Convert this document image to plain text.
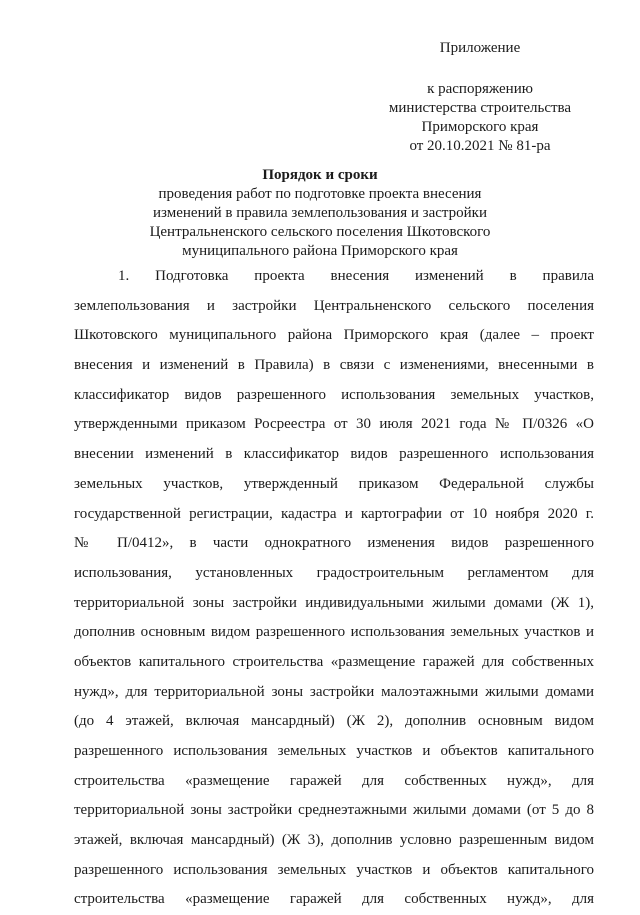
Приложение
к распоряжению
министерства строительства
Приморского края
от 20.10.2021 № 81-ра
Порядок и сроки
проведения работ по подготовке проекта внесения
изменений в правила землепользования и застройки
Центральненского сельского поселения Шкотовского
муниципального района Приморского края
1. Подготовка проекта внесения изменений в правила
землепользования и застройки Центральненского сельского поселения
Шкотовского муниципального района Приморского края (далее – проект
внесения и изменений в Правила) в связи с изменениями, внесенными в
классификатор видов разрешенного использования земельных участков,
утвержденными приказом Росреестра от 30 июля 2021 года № П/0326 «О
внесении изменений в классификатор видов разрешенного использования
земельных участков, утвержденный приказом Федеральной службы
государственной регистрации, кадастра и картографии от 10 ноября 2020 г.
№ П/0412», в части однократного изменения видов разрешенного
использования, установленных градостроительным регламентом для
территориальной зоны застройки индивидуальными жилыми домами (Ж 1),
дополнив основным видом разрешенного использования земельных участков и
объектов капитального строительства «размещение гаражей для собственных
нужд», для территориальной зоны застройки малоэтажными жилыми домами
(до 4 этажей, включая мансардный) (Ж 2), дополнив основным видом
разрешенного использования земельных участков и объектов капитального
строительства «размещение гаражей для собственных нужд», для
территориальной зоны застройки среднеэтажными жилыми домами (от 5 до 8
этажей, включая мансардный) (Ж 3), дополнив условно разрешенным видом
разрешенного использования земельных участков и объектов капитального
строительства «размещение гаражей для собственных нужд», для
